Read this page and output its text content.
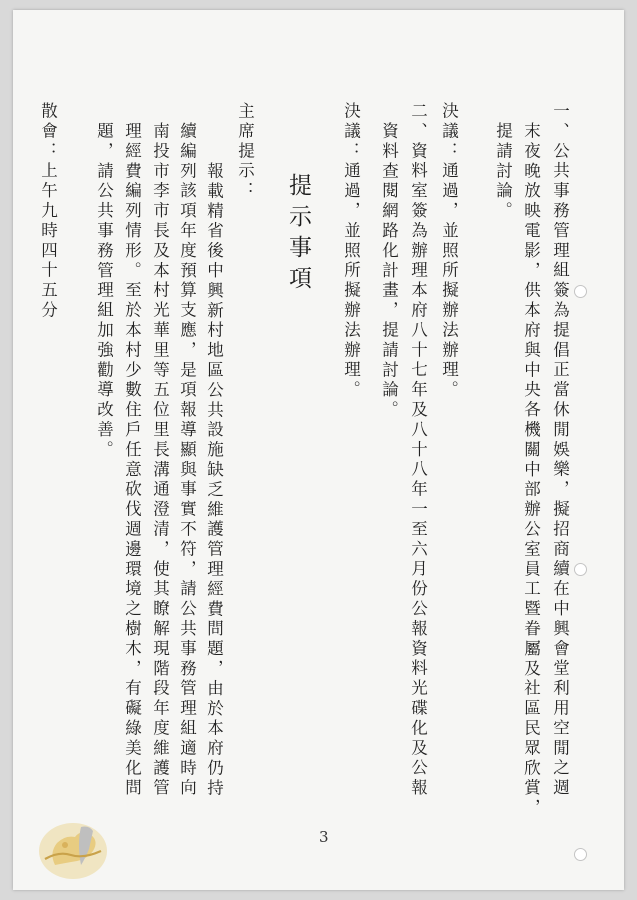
一、公共事務管理組簽為提倡正當休閒娛樂，擬招商續在中興會堂利用空閒之週
末夜晚放映電影，供本府與中央各機關中部辦公室員工暨眷屬及社區民眾欣賞，
提請討論。
決議：通過，並照所擬辦法辦理。
二、資料室簽為辦理本府八十七年及八十八年一至六月份公報資料光碟化及公報
資料查閱網路化計畫，提請討論。
決議：通過，並照所擬辦法辦理。
提示事項
主席提示：
報載精省後中興新村地區公共設施缺乏維護管理經費問題，由於本府仍持
續編列該項年度預算支應，是項報導顯與事實不符，請公共事務管理組適時向
南投市李市長及本村光華里等五位里長溝通澄清，使其瞭解現階段年度維護管
理經費編列情形。至於本村少數住戶任意砍伐週邊環境之樹木，有礙綠美化問
題，請公共事務管理組加強勸導改善。
散會：上午九時四十五分
3
